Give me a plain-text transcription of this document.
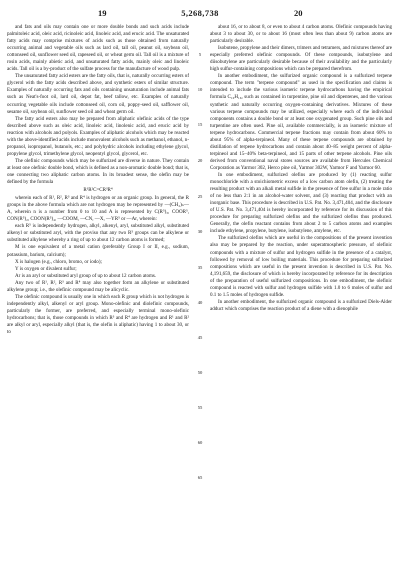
19	5,268,738	20

and fats and oils may contain one or more double bonds and such acids include palmitoleic acid, oleic acid, ricinoleic acid, linoleic acid, and erucic acid. The unsaturated fatty acids may comprise mixtures of acids such as those obtained from naturally occurring animal and vegetable oils such as lard oil, tall oil, peanut oil, soybean oil, cottonseed oil, sunflower seed oil, rapeseed oil, or wheat germ oil. Tall oil is a mixture of rosin acids, mainly abietic acid, and unsaturated fatty acids, mainly oleic and linoleic acids. Tall oil is a by-product of the sulfate process for the manufacture of wood pulp.

The unsaturated fatty acid esters are the fatty oils, that is, naturally occurring esters of glycerol with the fatty acids described above, and synthetic esters of similar structure. Examples of naturally occurring fats and oils containing unsaturation include animal fats such as Neat's-foot oil, lard oil, depot fat, beef tallow, etc. Examples of naturally occurring vegetable oils include cottonseed oil, corn oil, poppy-seed oil, safflower oil, sesame oil, soybean oil, sunflower seed oil and wheat germ oil.

The fatty acid esters also may be prepared from aliphatic olefinic acids of the type described above such as oleic acid, linoleic acid, linolenic acid, and erucic acid by reaction with alcohols and polyols. Examples of aliphatic alcohols which may be reacted with the above-identified acids include monovalent alcohols such as methanol, ethanol, n-propanol, isopropanol, butanols, etc.; and polyhydric alcohols including ethylene glycol, propylene glycol, trimethylene glycol, neopentyl glycol, glycerol, etc.

The olefinic compounds which may be sulfurized are diverse in nature. They contain at least one olefinic double bond, which is defined as a non-aromatic double bond; that is, one connecting two aliphatic carbon atoms. In its broadest sense, the olefin may be defined by the formula

R¹R²C=CR³R⁴

wherein each of R¹, R², R³ and R⁴ is hydrogen or an organic group. In general, the R groups in the above formula which are not hydrogen may be represented by —(CH₂)ₙ—A, wherein n is a number from 0 to 10 and A is represented by C(R⁵)₃, COOR⁵, CON(R⁵)₂, COON(R⁵)₄, —COOM, —CN, —X, —YR⁵ or —Ar, wherein:

each R⁵ is independently hydrogen, alkyl, alkenyl, aryl, substituted alkyl, substituted alkenyl or substituted aryl, with the proviso that any two R⁵ groups can be alkylene or substituted alkylene whereby a ring of up to about 12 carbon atoms is formed;

M is one equivalent of a metal cation (preferably Group I or II, e.g., sodium, potassium, barium, calcium);

X is halogen (e.g., chloro, bromo, or iodo);

Y is oxygen or divalent sulfur;

Ar is an aryl or substituted aryl group of up to about 12 carbon atoms.

Any two of R¹, R², R³ and R⁴ may also together form an alkylene or substituted alkylene group; i.e., the olefinic compound may be alicyclic.

The olefinic compound is usually one in which each R group which is not hydrogen is independently alkyl, alkenyl or aryl group. Mono-olefinic and diolefinic compounds, particularly the former, are preferred, and especially terminal mono-olefinic hydrocarbons; that is, those compounds in which R³ and R⁴ are hydrogen and R¹ and R² are alkyl or aryl, especially alkyl (that is, the olefin is aliphatic) having 1 to about 30, or to

5
10
15
20
25
30
35
40
45
50
55
60
65

about 16, or to about 8, or even to about 4 carbon atoms. Olefinic compounds having about 3 to about 30, or to about 16 (most often less than about 9) carbon atoms are particularly desirable.

Isobutene, propylene and their dimers, trimers and tetramers, and mixtures thereof are especially preferred olefinic compounds. Of these compounds, isobutylene and diisobutylene are particularly desirable because of their availability and the particularly high sulfur-containing compositions which can be prepared therefrom.

In another embodiment, the sulfurized organic compound is a sulfurized terpene compound. The term "terpene compound" as used in the specification and claims is intended to include the various isomeric terpene hydrocarbons having the empirical formula C₁₀H₁₆, such as contained in turpentine, pine oil and dipentenes, and the various synthetic and naturally occurring oxygen-containing derivatives. Mixtures of these various terpene compounds may be utilized, especially where each of the individual components contains a double bond or at least one oxygenated group. Such pine oils and turpentine are often used. Pine oil, available commercially, is an isomeric mixture of terpene hydrocarbons. Commercial terpene fractions may contain from about 60% to about 95% of alpha-terpineol. Many of these terpene compounds are obtained by distillation of terpene hydrocarbons and contain about 40–85 weight percent of alpha-terpineol and 15–40% beta-terpineol, and 15 parts of other terpene alcohols. Pine oils derived from conventional naval stores sources are available from Hercules Chemical Corporation as Yarmor 302, Herco pine oil, Yarmor 302W, Yarmor F and Yarmor 60.

In one embodiment, sulfurized olefins are produced by (1) reacting sulfur monochloride with a stoichiometric excess of a low carbon atom olefin, (2) treating the resulting product with an alkali metal sulfide in the presence of free sulfur in a mole ratio of no less than 2:1 in an alcohol-water solvent, and (3) reacting that product with an inorganic base. This procedure is described in U.S. Pat. No. 3,471,404, and the disclosure of U.S. Pat. No. 3,471,404 is hereby incorporated by reference for its discussion of this procedure for preparing sulfurized olefins and the sulfurized olefins thus produced. Generally, the olefin reactant contains from about 2 to 5 carbon atoms and examples include ethylene, propylene, butylene, isobutylene, amylene, etc.

The sulfurized olefins which are useful in the compositions of the present invention also may be prepared by the reaction, under superatmospheric pressure, of olefinic compounds with a mixture of sulfur and hydrogen sulfide in the presence of a catalyst, followed by removal of low boiling materials. This procedure for preparing sulfurized compositions which are useful in the present invention is described in U.S. Pat. No. 4,191,659, the disclosure of which is hereby incorporated by reference for its description of the preparation of useful sulfurized compositions. In one embodiment, the olefinic compound is reacted with sulfur and hydrogen sulfide with 1.0 to 6 moles of sulfur and 0.1 to 1.5 moles of hydrogen sulfide.

In another embodiment, the sulfurized organic compound is a sulfurized Diels-Alder adduct which comprises the reaction product of a diene with a dienophile
